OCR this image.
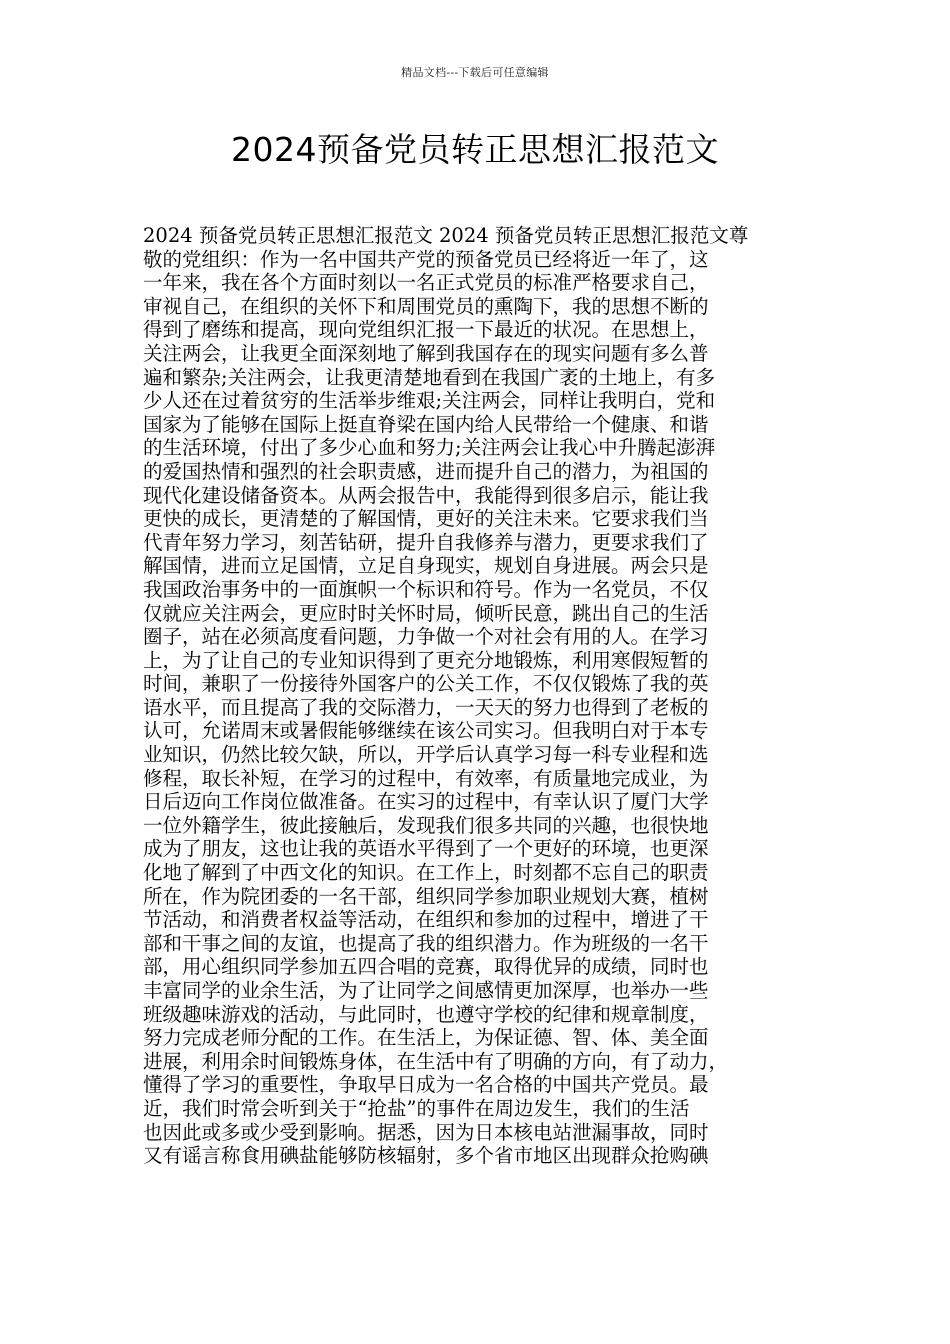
精品文档---下载后可任意编辑
2024预备党员转正思想汇报范文
2024 预备党员转正思想汇报范文 2024 预备党员转正思想汇报范文尊
敬的党组织：作为一名中国共产党的预备党员已经将近一年了，这
一年来，我在各个方面时刻以一名正式党员的标准严格要求自己，
审视自己，在组织的关怀下和周围党员的熏陶下，我的思想不断的
得到了磨练和提高，现向党组织汇报一下最近的状况。在思想上，
关注两会，让我更全面深刻地了解到我国存在的现实问题有多么普
遍和繁杂;关注两会，让我更清楚地看到在我国广袤的土地上，有多
少人还在过着贫穷的生活举步维艰;关注两会，同样让我明白，党和
国家为了能够在国际上挺直脊梁在国内给人民带给一个健康、和谐
的生活环境，付出了多少心血和努力;关注两会让我心中升腾起澎湃
的爱国热情和强烈的社会职责感，进而提升自己的潜力，为祖国的
现代化建设储备资本。从两会报告中，我能得到很多启示，能让我
更快的成长，更清楚的了解国情，更好的关注未来。它要求我们当
代青年努力学习，刻苦钻研，提升自我修养与潜力，更要求我们了
解国情，进而立足国情，立足自身现实，规划自身进展。两会只是
我国政治事务中的一面旗帜一个标识和符号。作为一名党员，不仅
仅就应关注两会，更应时时关怀时局，倾听民意，跳出自己的生活
圈子，站在必须高度看问题，力争做一个对社会有用的人。在学习
上，为了让自己的专业知识得到了更充分地锻炼，利用寒假短暂的
时间，兼职了一份接待外国客户的公关工作，不仅仅锻炼了我的英
语水平，而且提高了我的交际潜力，一天天的努力也得到了老板的
认可，允诺周末或暑假能够继续在该公司实习。但我明白对于本专
业知识，仍然比较欠缺，所以，开学后认真学习每一科专业程和选
修程，取长补短，在学习的过程中，有效率，有质量地完成业，为
日后迈向工作岗位做准备。在实习的过程中，有幸认识了厦门大学
一位外籍学生，彼此接触后，发现我们很多共同的兴趣，也很快地
成为了朋友，这也让我的英语水平得到了一个更好的环境，也更深
化地了解到了中西文化的知识。在工作上，时刻都不忘自己的职责
所在，作为院团委的一名干部，组织同学参加职业规划大赛，植树
节活动，和消费者权益等活动，在组织和参加的过程中，增进了干
部和干事之间的友谊，也提高了我的组织潜力。作为班级的一名干
部，用心组织同学参加五四合唱的竞赛，取得优异的成绩，同时也
丰富同学的业余生活，为了让同学之间感情更加深厚，也举办一些
班级趣味游戏的活动，与此同时，也遵守学校的纪律和规章制度，
努力完成老师分配的工作。在生活上，为保证德、智、体、美全面
进展，利用余时间锻炼身体，在生活中有了明确的方向，有了动力，
懂得了学习的重要性，争取早日成为一名合格的中国共产党员。最
近，我们时常会听到关于“抢盐”的事件在周边发生，我们的生活
也因此或多或少受到影响。据悉，因为日本核电站泄漏事故，同时
又有谣言称食用碘盐能够防核辐射，多个省市地区出现群众抢购碘
